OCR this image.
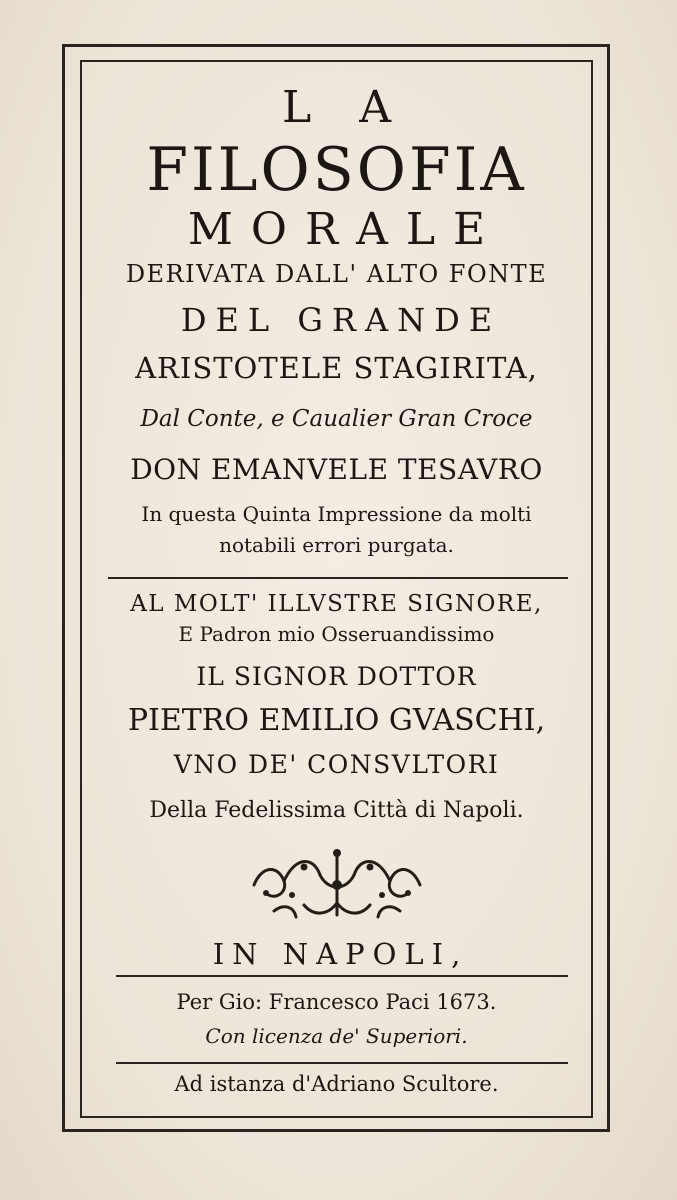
LA
FILOSOFIA
MORALE
DERIVATA DALL' ALTO FONTE
DEL GRANDE
ARISTOTELE STAGIRITA,
Dal Conte, e Caualier Gran Croce
DON EMANVELE TESAVRO
In questa Quinta Impressione da molti
notabili errori purgata.
AL MOLT' ILLVSTRE SIGNORE,
E Padron mio Osseruandissimo
IL SIGNOR DOTTOR
PIETRO EMILIO GVASCHI,
VNO DE' CONSVLTORI
Della Fedelissima Città di Napoli.
IN NAPOLI,
Per Gio: Francesco Paci 1673.
Con licenza de' Superiori.
Ad istanza d'Adriano Scultore.
